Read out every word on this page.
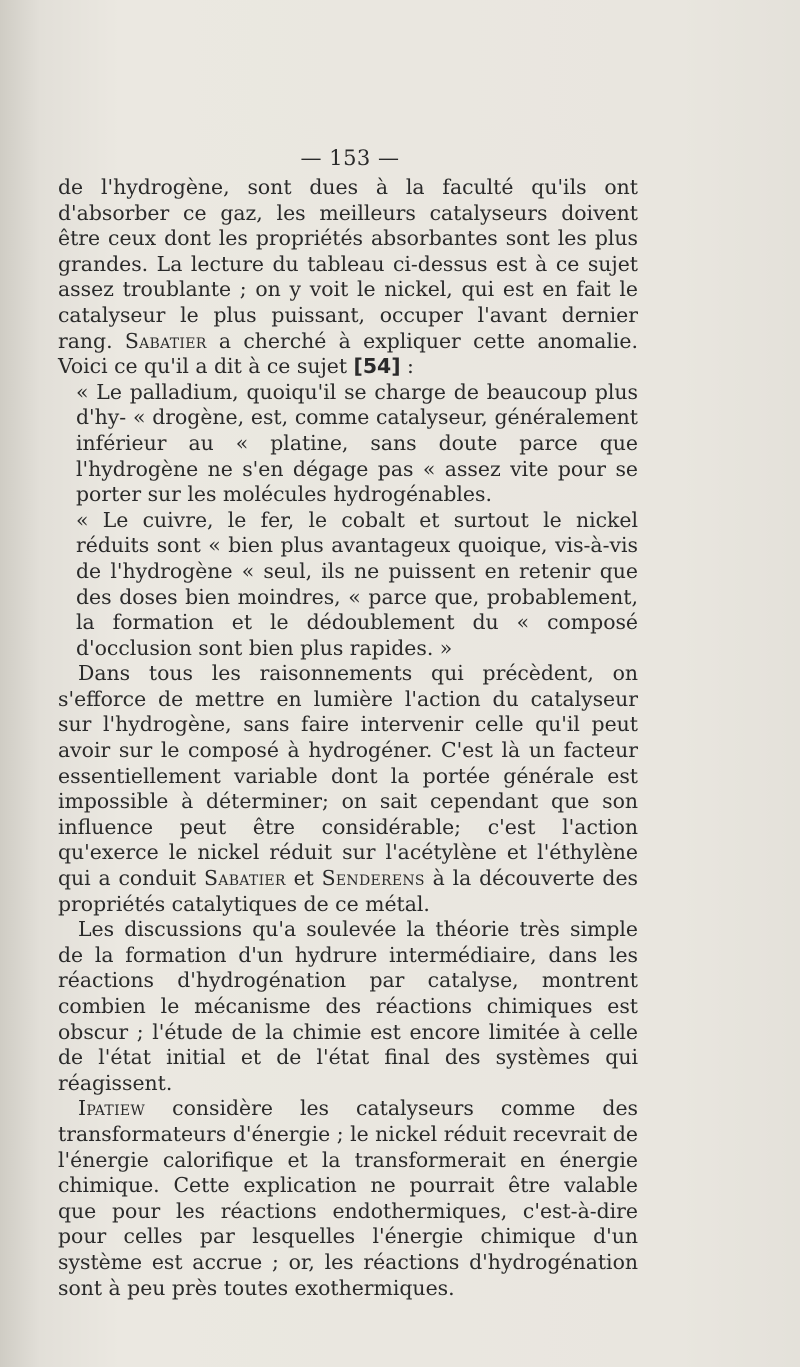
— 153 —

de l'hydrogène, sont dues à la faculté qu'ils ont d'absorber ce gaz, les meilleurs catalyseurs doivent être ceux dont les propriétés absorbantes sont les plus grandes. La lecture du tableau ci-dessus est à ce sujet assez troublante ; on y voit le nickel, qui est en fait le catalyseur le plus puissant, occuper l'avant dernier rang. Sabatier a cherché à expliquer cette anomalie. Voici ce qu'il a dit à ce sujet [54] :

« Le palladium, quoiqu'il se charge de beaucoup plus d'hy- « drogène, est, comme catalyseur, généralement inférieur au « platine, sans doute parce que l'hydrogène ne s'en dégage pas « assez vite pour se porter sur les molécules hydrogénables.

« Le cuivre, le fer, le cobalt et surtout le nickel réduits sont « bien plus avantageux quoique, vis-à-vis de l'hydrogène « seul, ils ne puissent en retenir que des doses bien moindres, « parce que, probablement, la formation et le dédoublement du « composé d'occlusion sont bien plus rapides. »

Dans tous les raisonnements qui précèdent, on s'efforce de mettre en lumière l'action du catalyseur sur l'hydrogène, sans faire intervenir celle qu'il peut avoir sur le composé à hydrogéner. C'est là un facteur essentiellement variable dont la portée générale est impossible à déterminer; on sait cependant que son influence peut être considérable; c'est l'action qu'exerce le nickel réduit sur l'acétylène et l'éthylène qui a conduit Sabatier et Senderens à la découverte des propriétés catalytiques de ce métal.

Les discussions qu'a soulevée la théorie très simple de la formation d'un hydrure intermédiaire, dans les réactions d'hydrogénation par catalyse, montrent combien le mécanisme des réactions chimiques est obscur ; l'étude de la chimie est encore limitée à celle de l'état initial et de l'état final des systèmes qui réagissent.

Ipatiew considère les catalyseurs comme des transformateurs d'énergie ; le nickel réduit recevrait de l'énergie calorifique et la transformerait en énergie chimique. Cette explication ne pourrait être valable que pour les réactions endothermiques, c'est-à-dire pour celles par lesquelles l'énergie chimique d'un système est accrue ; or, les réactions d'hydrogénation sont à peu près toutes exothermiques.
